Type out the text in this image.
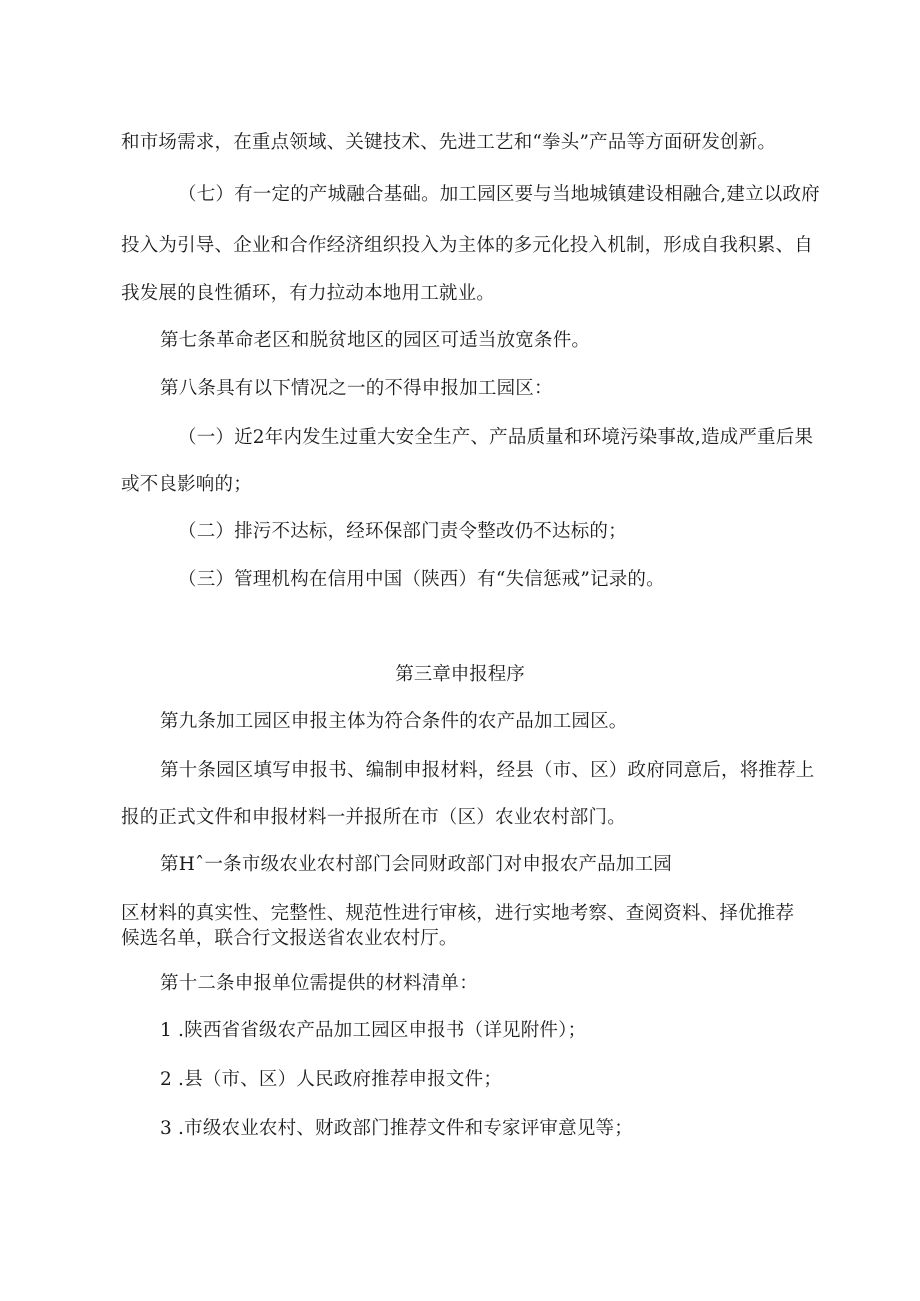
和市场需求，在重点领域、关键技术、先进工艺和“拳头”产品等方面研发创新。
（七）有一定的产城融合基础。加工园区要与当地城镇建设相融合,建立以政府
投入为引导、企业和合作经济组织投入为主体的多元化投入机制，形成自我积累、自
我发展的良性循环，有力拉动本地用工就业。
第七条革命老区和脱贫地区的园区可适当放宽条件。
第八条具有以下情况之一的不得申报加工园区：
（一）近2年内发生过重大安全生产、产品质量和环境污染事故,造成严重后果
或不良影响的；
（二）排污不达标，经环保部门责令整改仍不达标的；
（三）管理机构在信用中国（陕西）有“失信惩戒”记录的。
第三章申报程序
第九条加工园区申报主体为符合条件的农产品加工园区。
第十条园区填写申报书、编制申报材料，经县（市、区）政府同意后，将推荐上
报的正式文件和申报材料一并报所在市（区）农业农村部门。
第Hˆ一条市级农业农村部门会同财政部门对申报农产品加工园
区材料的真实性、完整性、规范性进行审核，进行实地考察、查阅资料、择优推荐
候选名单，联合行文报送省农业农村厅。
第十二条申报单位需提供的材料清单：
1 .陕西省省级农产品加工园区申报书（详见附件）；
2 .县（市、区）人民政府推荐申报文件；
3 .市级农业农村、财政部门推荐文件和专家评审意见等；
